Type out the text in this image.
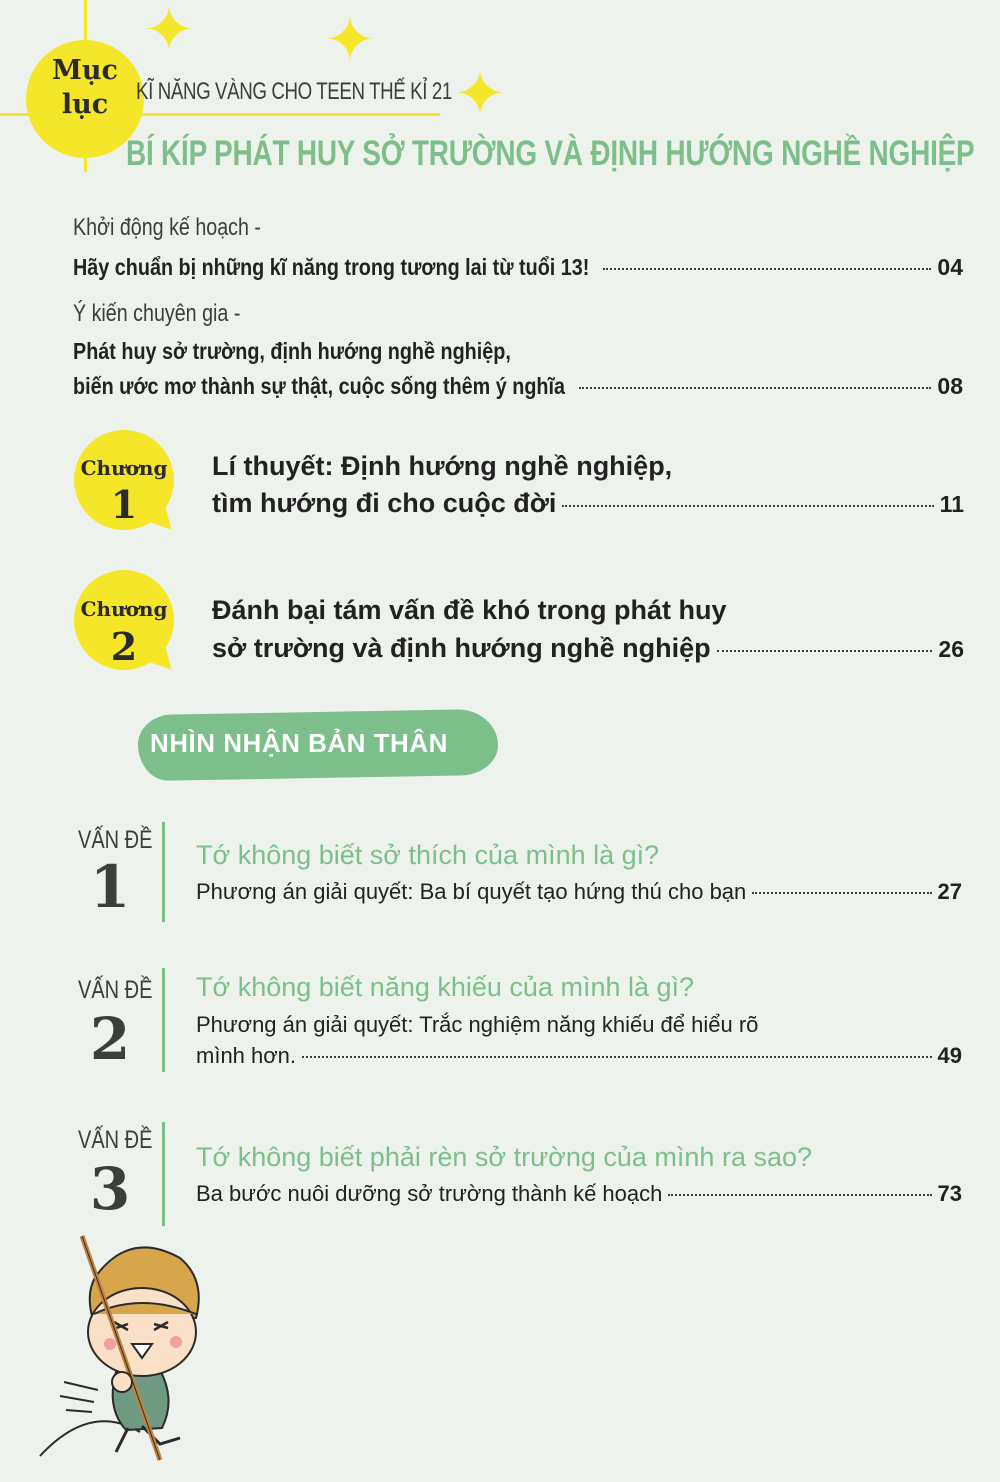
Mục
lục
✦ ✦
✦
KĨ NĂNG VÀNG CHO TEEN THẾ KỈ 21
BÍ KÍP PHÁT HUY SỞ TRƯỜNG VÀ ĐỊNH HƯỚNG NGHỀ NGHIỆP
Khởi động kế hoạch -
Hãy chuẩn bị những kĩ năng trong tương lai từ tuổi 13!	04
Ý kiến chuyên gia -
Phát huy sở trường, định hướng nghề nghiệp,
biến ước mơ thành sự thật, cuộc sống thêm ý nghĩa	08
Chương
1
Lí thuyết: Định hướng nghề nghiệp,
tìm hướng đi cho cuộc đời	11
Chương
2
Đánh bại tám vấn đề khó trong phát huy
sở trường và định hướng nghề nghiệp	26
NHÌN NHẬN BẢN THÂN
VẤN ĐỀ
1	Tớ không biết sở thích của mình là gì?
Phương án giải quyết: Ba bí quyết tạo hứng thú cho bạn	27
VẤN ĐỀ
2
Tớ không biết năng khiếu của mình là gì?
Phương án giải quyết: Trắc nghiệm năng khiếu để hiểu rõ
mình hơn.	49
VẤN ĐỀ
3	Tớ không biết phải rèn sở trường của mình ra sao?
Ba bước nuôi dưỡng sở trường thành kế hoạch	73
